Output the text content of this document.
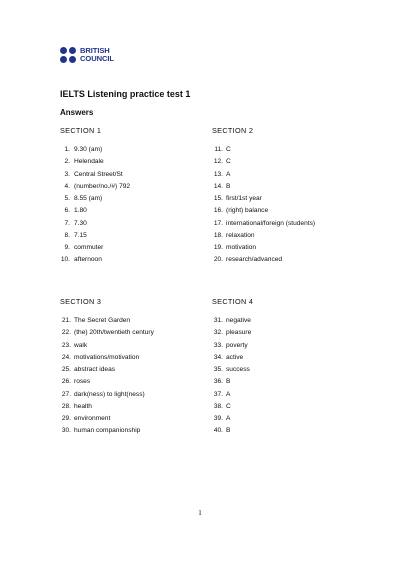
BRITISH
COUNCIL
IELTS Listening practice test 1
Answers
SECTION 1	SECTION 2
SECTION 3	SECTION 4
1. 9.30 (am)
2. Helendale
3. Central Street/St
4. (number/no./#) 792
5. 8.55 (am)
6. 1.80
7. 7.30
8. 7.15
9. commuter
10. afternoon
11. C
12. C
13. A
14. B
15. first/1st year
16. (right) balance
17. international/foreign (students)
18. relaxation
19. motivation
20. research/advanced
21. The Secret Garden
22. (the) 20th/twentieth century
23. walk
24. motivations/motivation
25. abstract ideas
26. roses
27. dark(ness) to light(ness)
28. health
29. environment
30. human companionship
31. negative
32. pleasure
33. poverty
34. active
35. success
36. B
37. A
38. C
39. A
40. B
1
